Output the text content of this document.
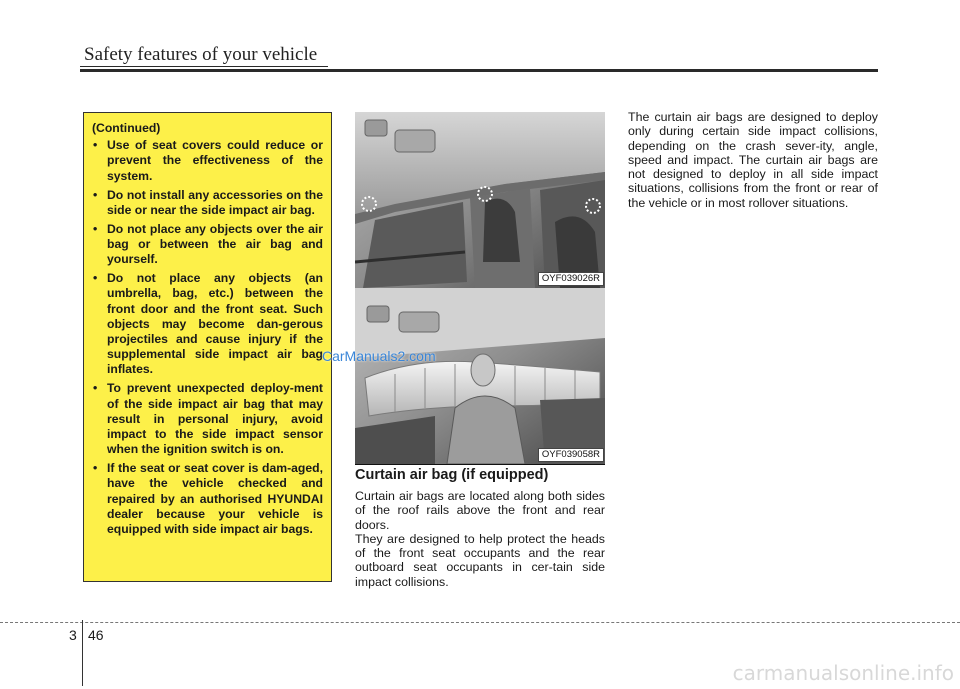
Safety features of your vehicle
(Continued)
• Use of seat covers could reduce or prevent the effectiveness of the system.
• Do not install any accessories on the side or near the side impact air bag.
• Do not place any objects over the air bag or between the air bag and yourself.
• Do not place any objects (an umbrella, bag, etc.) between the front door and the front seat. Such objects may become dan-gerous projectiles and cause injury if the supplemental side impact air bag inflates.
• To prevent unexpected deploy-ment of the side impact air bag that may result in personal injury, avoid impact to the side impact sensor when the ignition switch is on.
• If the seat or seat cover is dam-aged, have the vehicle checked and repaired by an authorised HYUNDAI dealer because your vehicle is equipped with side impact air bags.
OYF039026R
OYF039058R
CarManuals2.com
Curtain air bag (if equipped)

Curtain air bags are located along both sides of the roof rails above the front and rear doors.

They are designed to help protect the heads of the front seat occupants and the rear outboard seat occupants in cer-tain side impact collisions.

The curtain air bags are designed to deploy only during certain side impact collisions, depending on the crash sever-ity, angle, speed and impact. The curtain air bags are not designed to deploy in all side impact situations, collisions from the front or rear of the vehicle or in most rollover situations.

3 46
carmanualsonline.info
